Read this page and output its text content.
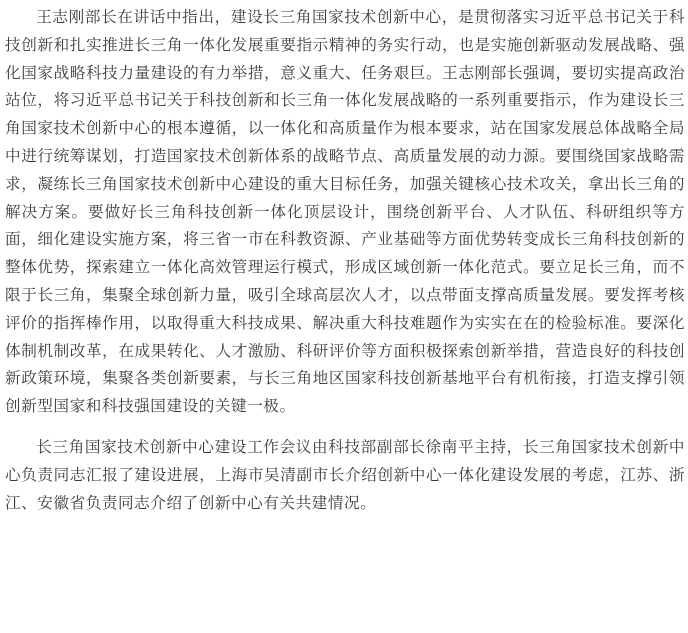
王志刚部长在讲话中指出，建设长三角国家技术创新中心，是贯彻落实习近平总书记关于科技创新和扎实推进长三角一体化发展重要指示精神的务实行动，也是实施创新驱动发展战略、强化国家战略科技力量建设的有力举措，意义重大、任务艰巨。王志刚部长强调，要切实提高政治站位，将习近平总书记关于科技创新和长三角一体化发展战略的一系列重要指示，作为建设长三角国家技术创新中心的根本遵循，以一体化和高质量作为根本要求，站在国家发展总体战略全局中进行统筹谋划，打造国家技术创新体系的战略节点、高质量发展的动力源。要围绕国家战略需求，凝练长三角国家技术创新中心建设的重大目标任务，加强关键核心技术攻关，拿出长三角的解决方案。要做好长三角科技创新一体化顶层设计，围绕创新平台、人才队伍、科研组织等方面，细化建设实施方案，将三省一市在科教资源、产业基础等方面优势转变成长三角科技创新的整体优势，探索建立一体化高效管理运行模式，形成区域创新一体化范式。要立足长三角，而不限于长三角，集聚全球创新力量，吸引全球高层次人才，以点带面支撑高质量发展。要发挥考核评价的指挥棒作用，以取得重大科技成果、解决重大科技难题作为实实在在的检验标准。要深化体制机制改革，在成果转化、人才激励、科研评价等方面积极探索创新举措，营造良好的科技创新政策环境，集聚各类创新要素，与长三角地区国家科技创新基地平台有机衔接，打造支撑引领创新型国家和科技强国建设的关键一极。

长三角国家技术创新中心建设工作会议由科技部副部长徐南平主持，长三角国家技术创新中心负责同志汇报了建设进展，上海市吴清副市长介绍创新中心一体化建设发展的考虑，江苏、浙江、安徽省负责同志介绍了创新中心有关共建情况。
